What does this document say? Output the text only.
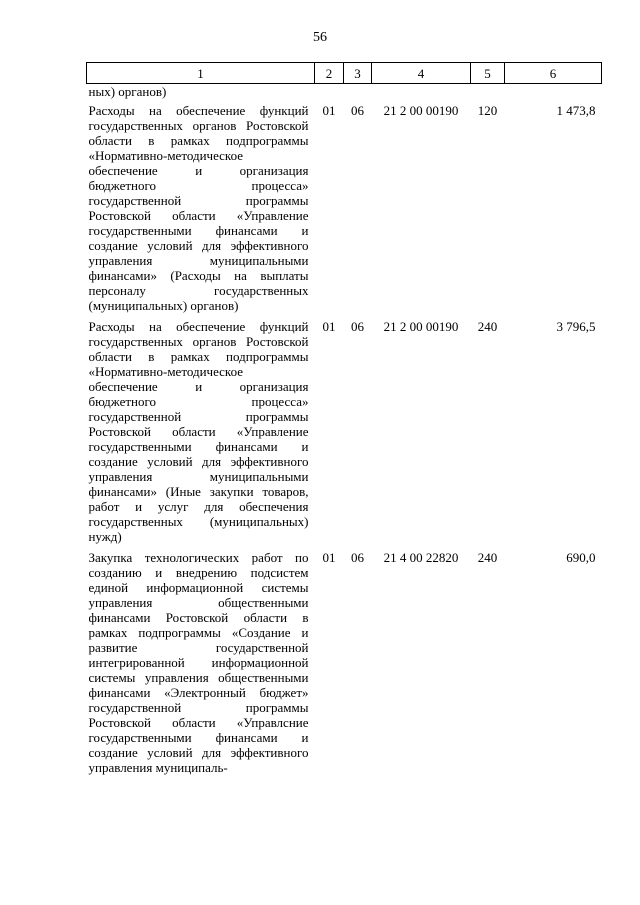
56
1	2	3	4	5	6
ных) органов)					
Расходы на обеспечение функций государственных органов Ростовской области в рамках подпрограммы «Нормативно-методическое обеспечение и организация бюджетного процесса» государственной программы Ростовской области «Управление государственными финансами и создание условий для эффективного управления муниципальными финансами» (Расходы на выплаты персоналу государственных (муниципальных) органов)	01	06	21 2 00 00190	120	1 473,8
Расходы на обеспечение функций государственных органов Ростовской области в рамках подпрограммы «Нормативно-методическое обеспечение и организация бюджетного процесса» государственной программы Ростовской области «Управление государственными финансами и создание условий для эффективного управления муниципальными финансами» (Иные закупки товаров, работ и услуг для обеспечения государственных (муниципальных) нужд)	01	06	21 2 00 00190	240	3 796,5
Закупка технологических работ по созданию и внедрению подсистем единой информационной системы управления общественными финансами Ростовской области в рамках подпрограммы «Создание и развитие государственной интегрированной информационной системы управления общественными финансами «Электронный бюджет» государственной программы Ростовской области «Управлсние государственными финансами и создание условий для эффективного управления муниципаль-	01	06	21 4 00 22820	240	690,0
